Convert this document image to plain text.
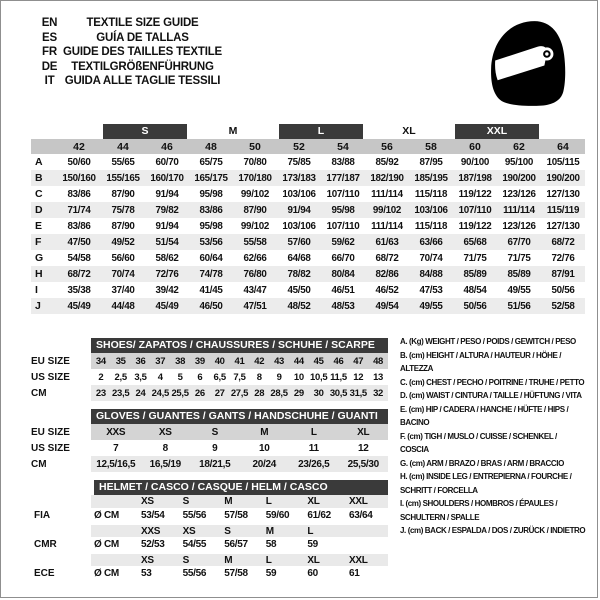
EN	TEXTILE SIZE GUIDE
ES	GUÍA DE TALLAS
FR	GUIDE DES TAILLES TEXTILE
DE	TEXTILGRÖßENFÜHRUNG
IT	GUIDA ALLE TAGLIE TESSILI

		S		M		L		XL		XXL		

	42	44	46	48	50	52	54	56	58	60	62	64
A	50/60	55/65	60/70	65/75	70/80	75/85	83/88	85/92	87/95	90/100	95/100	105/115
B	150/160	155/165	160/170	165/175	170/180	173/183	177/187	182/190	185/195	187/198	190/200	190/200
C	83/86	87/90	91/94	95/98	99/102	103/106	107/110	111/114	115/118	119/122	123/126	127/130
D	71/74	75/78	79/82	83/86	87/90	91/94	95/98	99/102	103/106	107/110	111/114	115/119
E	83/86	87/90	91/94	95/98	99/102	103/106	107/110	111/114	115/118	119/122	123/126	127/130
F	47/50	49/52	51/54	53/56	55/58	57/60	59/62	61/63	63/66	65/68	67/70	68/72
G	54/58	56/60	58/62	60/64	62/66	64/68	66/70	68/72	70/74	71/75	71/75	72/76
H	68/72	70/74	72/76	74/78	76/80	78/82	80/84	82/86	84/88	85/89	85/89	87/91
I	35/38	37/40	39/42	41/45	43/47	45/50	46/51	46/52	47/53	48/54	49/55	50/56
J	45/49	44/48	45/49	46/50	47/51	48/52	48/53	49/54	49/55	50/56	51/56	52/58

	SHOES/ ZAPATOS / CHAUSSURES / SCHUHE / SCARPE														

EU SIZE	34	35	36	37	38	39	40	41	42	43	44	45	46	47	48
US SIZE	2	2,5	3,5	4	5	6	6,5	7,5	8	9	10	10,5	11,5	12	13
CM	23	23,5	24	24,5	25,5	26	27	27,5	28	28,5	29	30	30,5	31,5	32

	GLOVES / GUANTES / GANTS / HANDSCHUHE / GUANTI					

EU SIZE	XXS	XS	S	M	L	XL
US SIZE	7	8	9	10	11	12
CM	12,5/16,5	16,5/19	18/21,5	20/24	23/26,5	25,5/30

	HELMET / CASCO / CASQUE / HELM / CASCO						

		XS	S	M	L	XL	XXL
FIA	Ø CM	53/54	55/56	57/58	59/60	61/62	63/64
		XXS	XS	S	M	L	
CMR	Ø CM	52/53	54/55	56/57	58	59	
		XS	S	M	L	XL	XXL
ECE	Ø CM	53	55/56	57/58	59	60	61
A. (Kg) WEIGHT / PESO / POIDS / GEWITCH / PESO
B. (cm) HEIGHT / ALTURA / HAUTEUR / HÖHE / ALTEZZA
C. (cm) CHEST / PECHO / POITRINE / TRUHE / PETTO
D. (cm) WAIST / CINTURA / TAILLE / HÜFTUNG / VITA
E. (cm) HIP / CADERA / HANCHE / HÜFTE / HIPS / BACINO
F. (cm) TIGH / MUSLO / CUISSE / SCHENKEL / COSCIA
G. (cm) ARM / BRAZO / BRAS / ARM / BRACCIO
H. (cm) INSIDE LEG / ENTREPIERNA / FOURCHE / SCHRITT / FORCELLA
I. (cm) SHOULDERS / HOMBROS / ÉPAULES / SCHULTERN / SPALLE
J. (cm) BACK / ESPALDA / DOS / ZURÜCK / INDIETRO
